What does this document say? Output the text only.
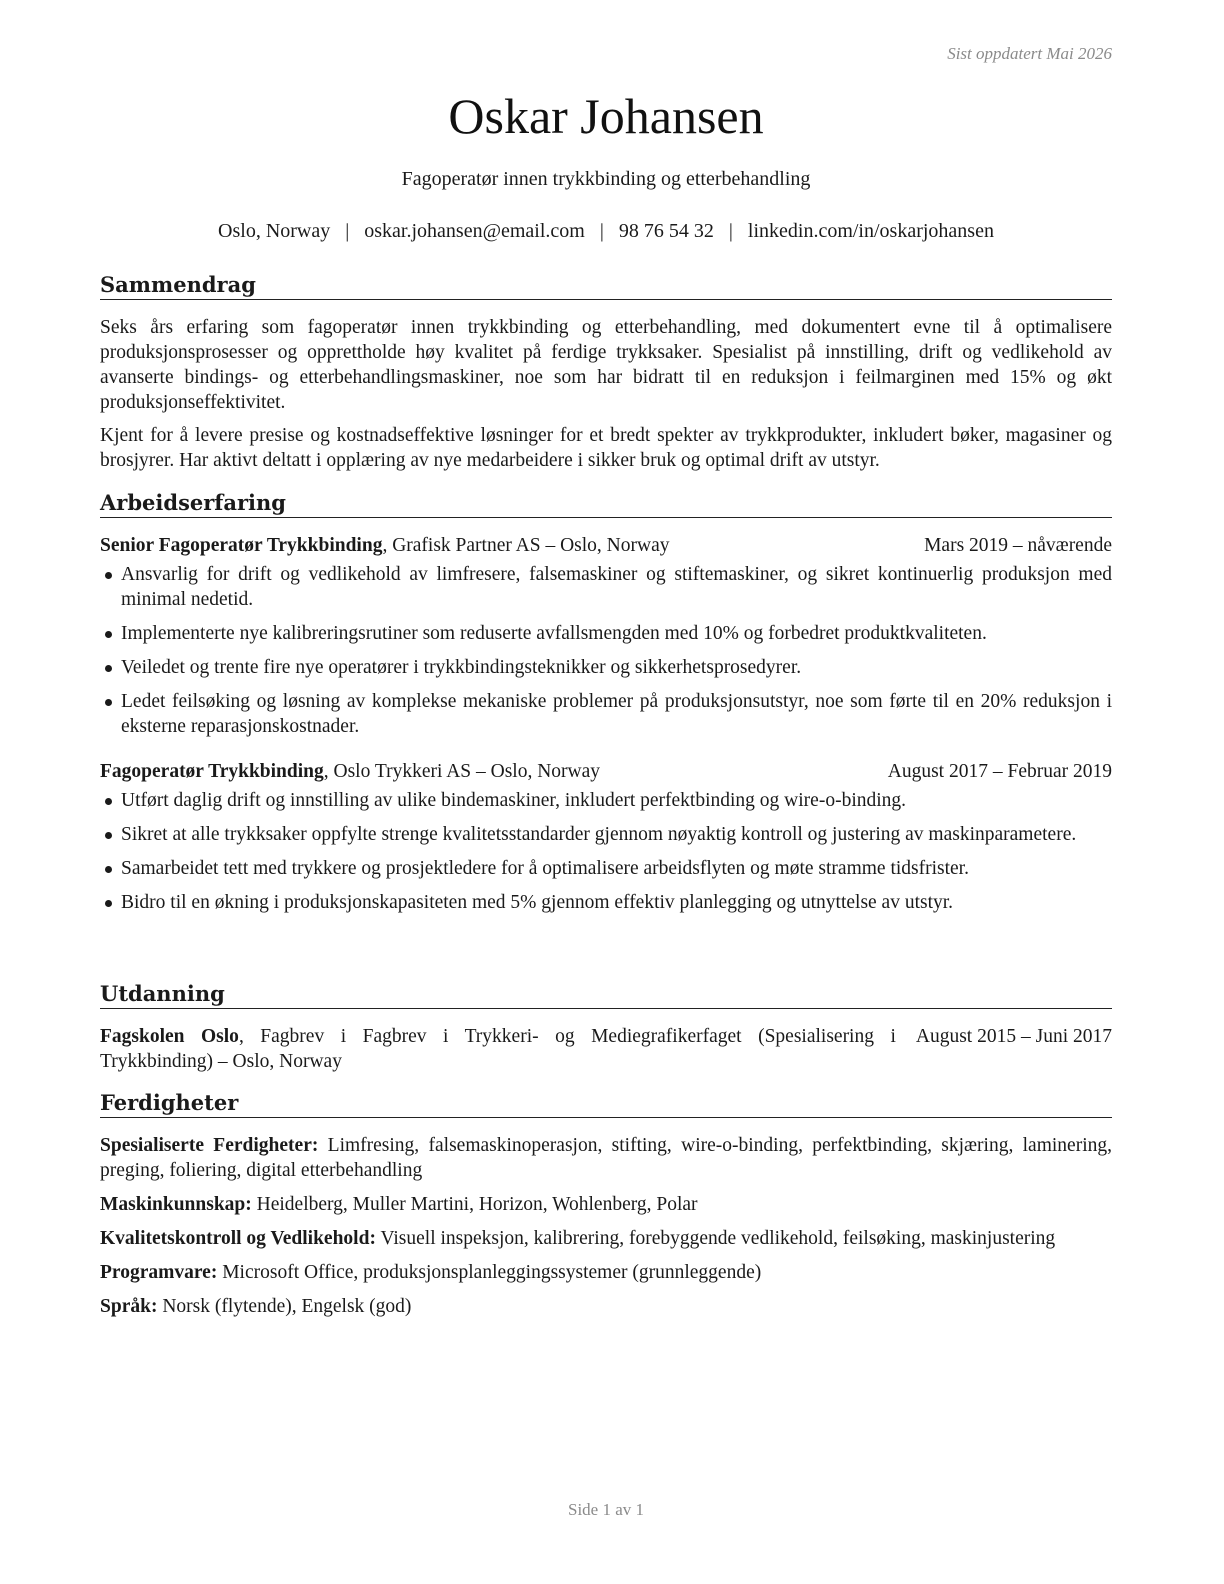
Sist oppdatert Mai 2026
Oskar Johansen
Fagoperatør innen trykkbinding og etterbehandling
Oslo, Norway | oskar.johansen@email.com | 98 76 54 32 | linkedin.com/in/oskarjohansen
Sammendrag

Seks års erfaring som fagoperatør innen trykkbinding og etterbehandling, med dokumentert evne til å optimalisere produksjonsprosesser og opprettholde høy kvalitet på ferdige trykksaker. Spesialist på innstilling, drift og vedlikehold av avanserte bindings- og etterbehandlingsmaskiner, noe som har bidratt til en reduksjon i feilmarginen med 15% og økt produksjonseffektivitet.

Kjent for å levere presise og kostnadseffektive løsninger for et bredt spekter av trykkprodukter, inkludert bøker, magasiner og brosjyrer. Har aktivt deltatt i opplæring av nye medarbeidere i sikker bruk og optimal drift av utstyr.

Arbeidserfaring
Senior Fagoperatør Trykkbinding, Grafisk Partner AS – Oslo, Norway	Mars 2019 – nåværende
Ansvarlig for drift og vedlikehold av limfresere, falsemaskiner og stiftemaskiner, og sikret kontinuerlig produksjon med minimal nedetid.
Implementerte nye kalibreringsrutiner som reduserte avfallsmengden med 10% og forbedret produktkvaliteten.
Veiledet og trente fire nye operatører i trykkbindingsteknikker og sikkerhetsprosedyrer.
Ledet feilsøking og løsning av komplekse mekaniske problemer på produksjonsutstyr, noe som førte til en 20% reduksjon i eksterne reparasjonskostnader.
Fagoperatør Trykkbinding, Oslo Trykkeri AS – Oslo, Norway	August 2017 – Februar 2019
Utført daglig drift og innstilling av ulike bindemaskiner, inkludert perfektbinding og wire-o-binding.
Sikret at alle trykksaker oppfylte strenge kvalitetsstandarder gjennom nøyaktig kontroll og justering av maskinparametere.
Samarbeidet tett med trykkere og prosjektledere for å optimalisere arbeidsflyten og møte stramme tidsfrister.
Bidro til en økning i produksjonskapasiteten med 5% gjennom effektiv planlegging og utnyttelse av utstyr.
Utdanning
Fagskolen Oslo, Fagbrev i Fagbrev i Trykkeri- og Mediegrafikerfaget (Spesialisering i Trykkbinding) – Oslo, Norway
August 2015 – Juni 2017
Ferdigheter

Spesialiserte Ferdigheter: Limfresing, falsemaskinoperasjon, stifting, wire-o-binding, perfektbinding, skjæring, laminering, preging, foliering, digital etterbehandling

Maskinkunnskap: Heidelberg, Muller Martini, Horizon, Wohlenberg, Polar

Kvalitetskontroll og Vedlikehold: Visuell inspeksjon, kalibrering, forebyggende vedlikehold, feilsøking, maskinjustering

Programvare: Microsoft Office, produksjonsplanleggingssystemer (grunnleggende)

Språk: Norsk (flytende), Engelsk (god)

Side 1 av 1
